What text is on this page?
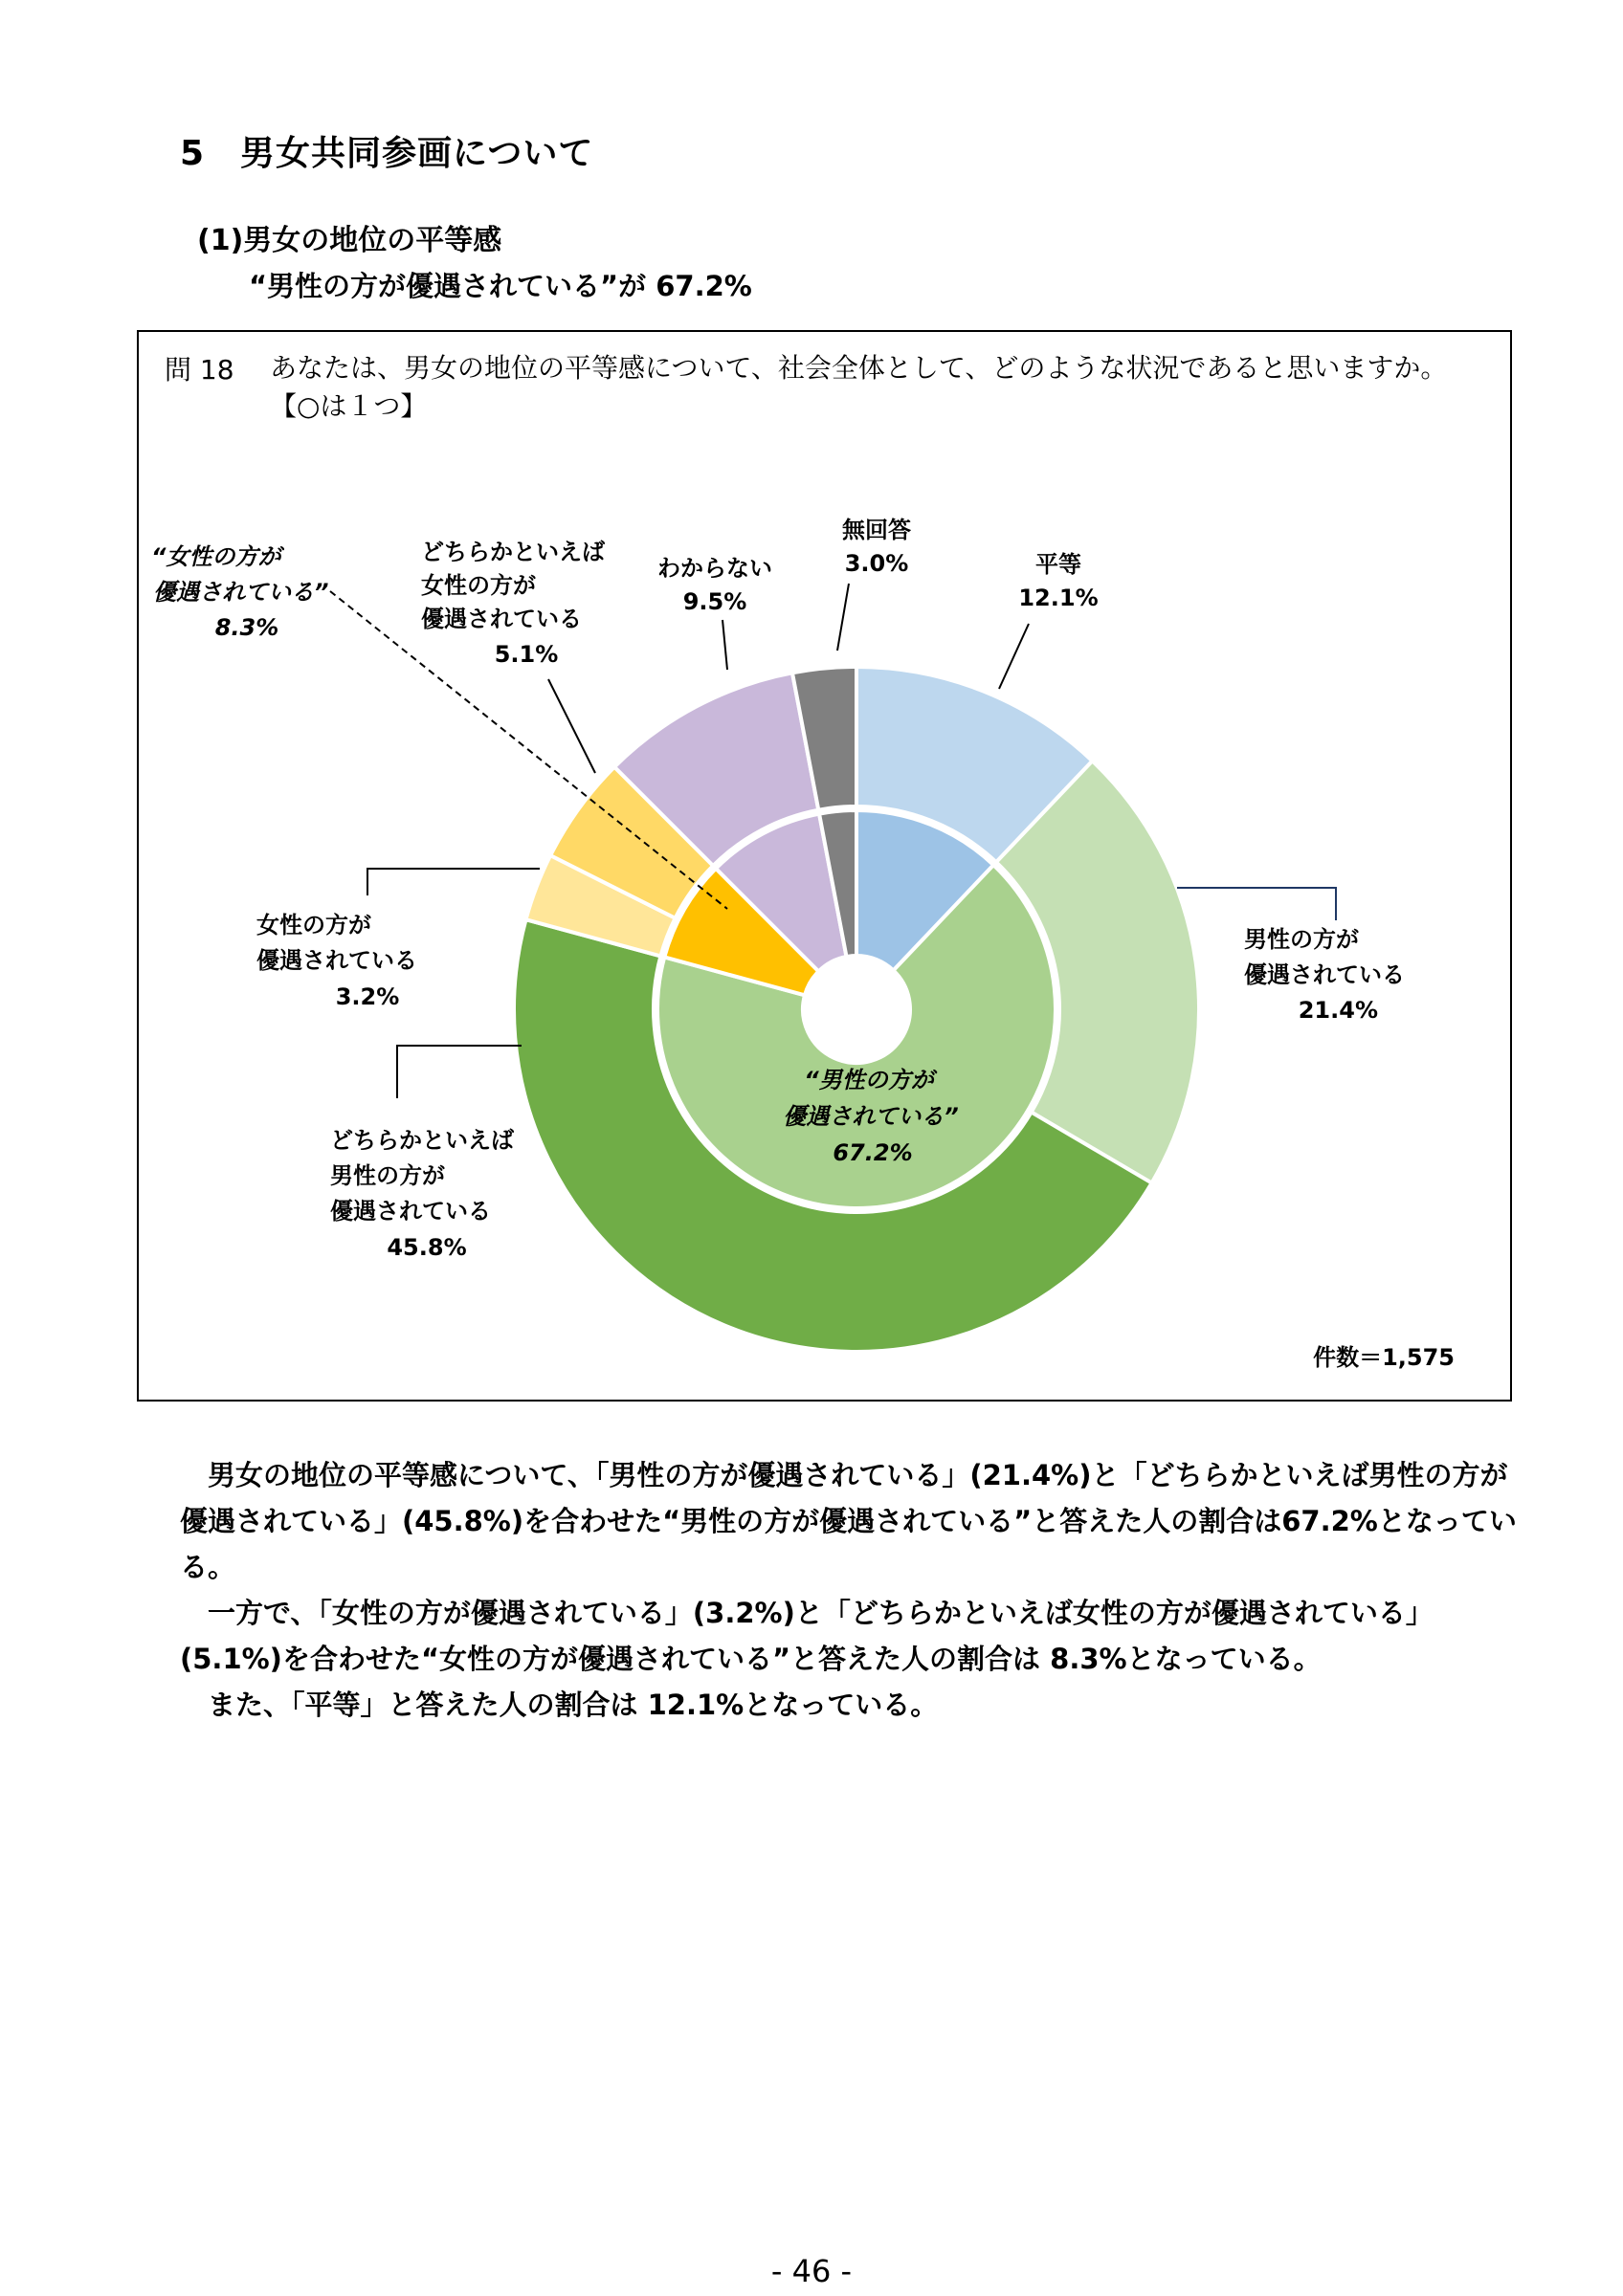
5　男女共同参画について
(1)男女の地位の平等感
“男性の方が優遇されている”が 67.2%
問 18 あなたは、男女の地位の平等感について、社会全体として、どのような状況であると思いますか。【○は１つ】
平等
12.1%
無回答
3.0%
わからない
9.5%
どちらかといえば
女性の方が
優遇されている
5.1%
“女性の方が
優遇されている”
8.3%
女性の方が
優遇されている
3.2%
どちらかといえば
男性の方が
優遇されている
45.8%
男性の方が
優遇されている
21.4%
“男性の方が
優遇されている”
67.2%
件数＝1,575

　男女の地位の平等感について、「男性の方が優遇されている」(21.4%)と「どちらかといえば男性の方が優遇されている」(45.8%)を合わせた“男性の方が優遇されている”と答えた人の割合は67.2%となっている。

　一方で、「女性の方が優遇されている」(3.2%)と「どちらかといえば女性の方が優遇されている」(5.1%)を合わせた“女性の方が優遇されている”と答えた人の割合は 8.3%となっている。

　また、「平等」と答えた人の割合は 12.1%となっている。

- 46 -
